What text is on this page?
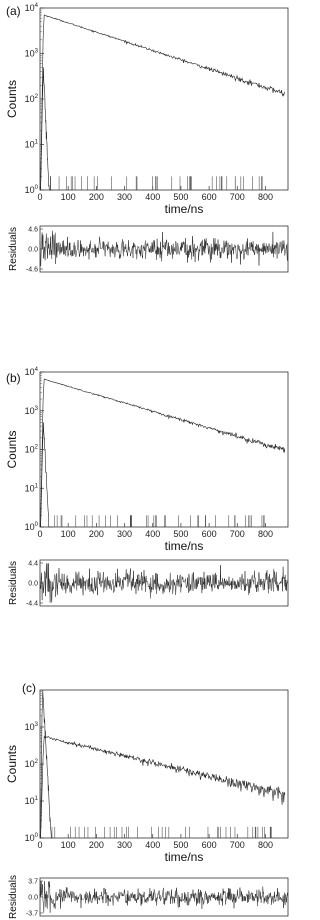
(a)
$10^0$
$10^1$
$10^2$
$10^3$
$10^4$
0 100 200 300 400 500 600 700 800
time/ns
Counts
4.6
0.0
-4.6
Residuals
(b)
$10^0$
$10^1$
$10^2$
$10^3$
$10^4$
0 100 200 300 400 500 600 700 800
time/ns
Counts
4.4
0.0
-4.4
Residuals
(c)
$10^0$
$10^1$
$10^2$
$10^3$
0 100 200 300 400 500 600 700 800
time/ns
Counts
3.7
0.0
-3.7
Residuals
